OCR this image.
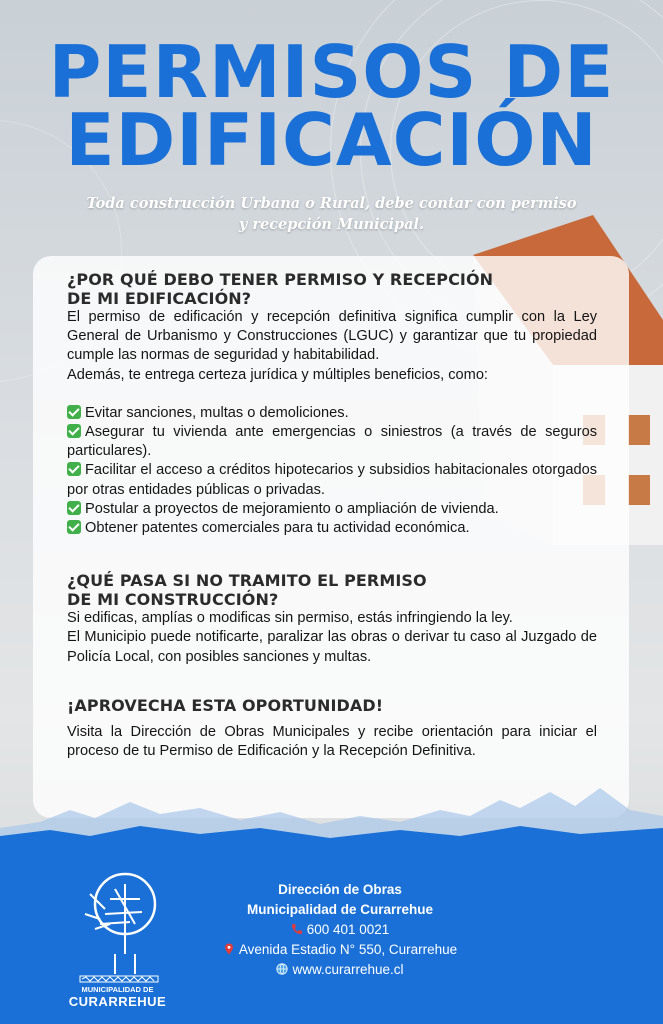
PERMISOS DE
EDIFICACIÓN
Toda construcción Urbana o Rural, debe contar con permiso
y recepción Municipal.
¿POR QUÉ DEBO TENER PERMISO Y RECEPCIÓN
DE MI EDIFICACIÓN?

El permiso de edificación y recepción definitiva significa cumplir con la Ley General de Urbanismo y Construcciones (LGUC) y garantizar que tu propiedad cumple las normas de seguridad y habitabilidad.

Además, te entrega certeza jurídica y múltiples beneficios, como:

Evitar sanciones, multas o demoliciones.

Asegurar tu vivienda ante emergencias o siniestros (a través de seguros particulares).

Facilitar el acceso a créditos hipotecarios y subsidios habitacionales otorgados por otras entidades públicas o privadas.

Postular a proyectos de mejoramiento o ampliación de vivienda.

Obtener patentes comerciales para tu actividad económica.

¿QUÉ PASA SI NO TRAMITO EL PERMISO
DE MI CONSTRUCCIÓN?

Si edificas, amplías o modificas sin permiso, estás infringiendo la ley.

El Municipio puede notificarte, paralizar las obras o derivar tu caso al Juzgado de Policía Local, con posibles sanciones y multas.

¡APROVECHA ESTA OPORTUNIDAD!

Visita la Dirección de Obras Municipales y recibe orientación para iniciar el proceso de tu Permiso de Edificación y la Recepción Definitiva.

MUNICIPALIDAD DE
CURARREHUE
Dirección de Obras
Municipalidad de Curarrehue
600 401 0021
Avenida Estadio N° 550, Curarrehue
www.curarrehue.cl
